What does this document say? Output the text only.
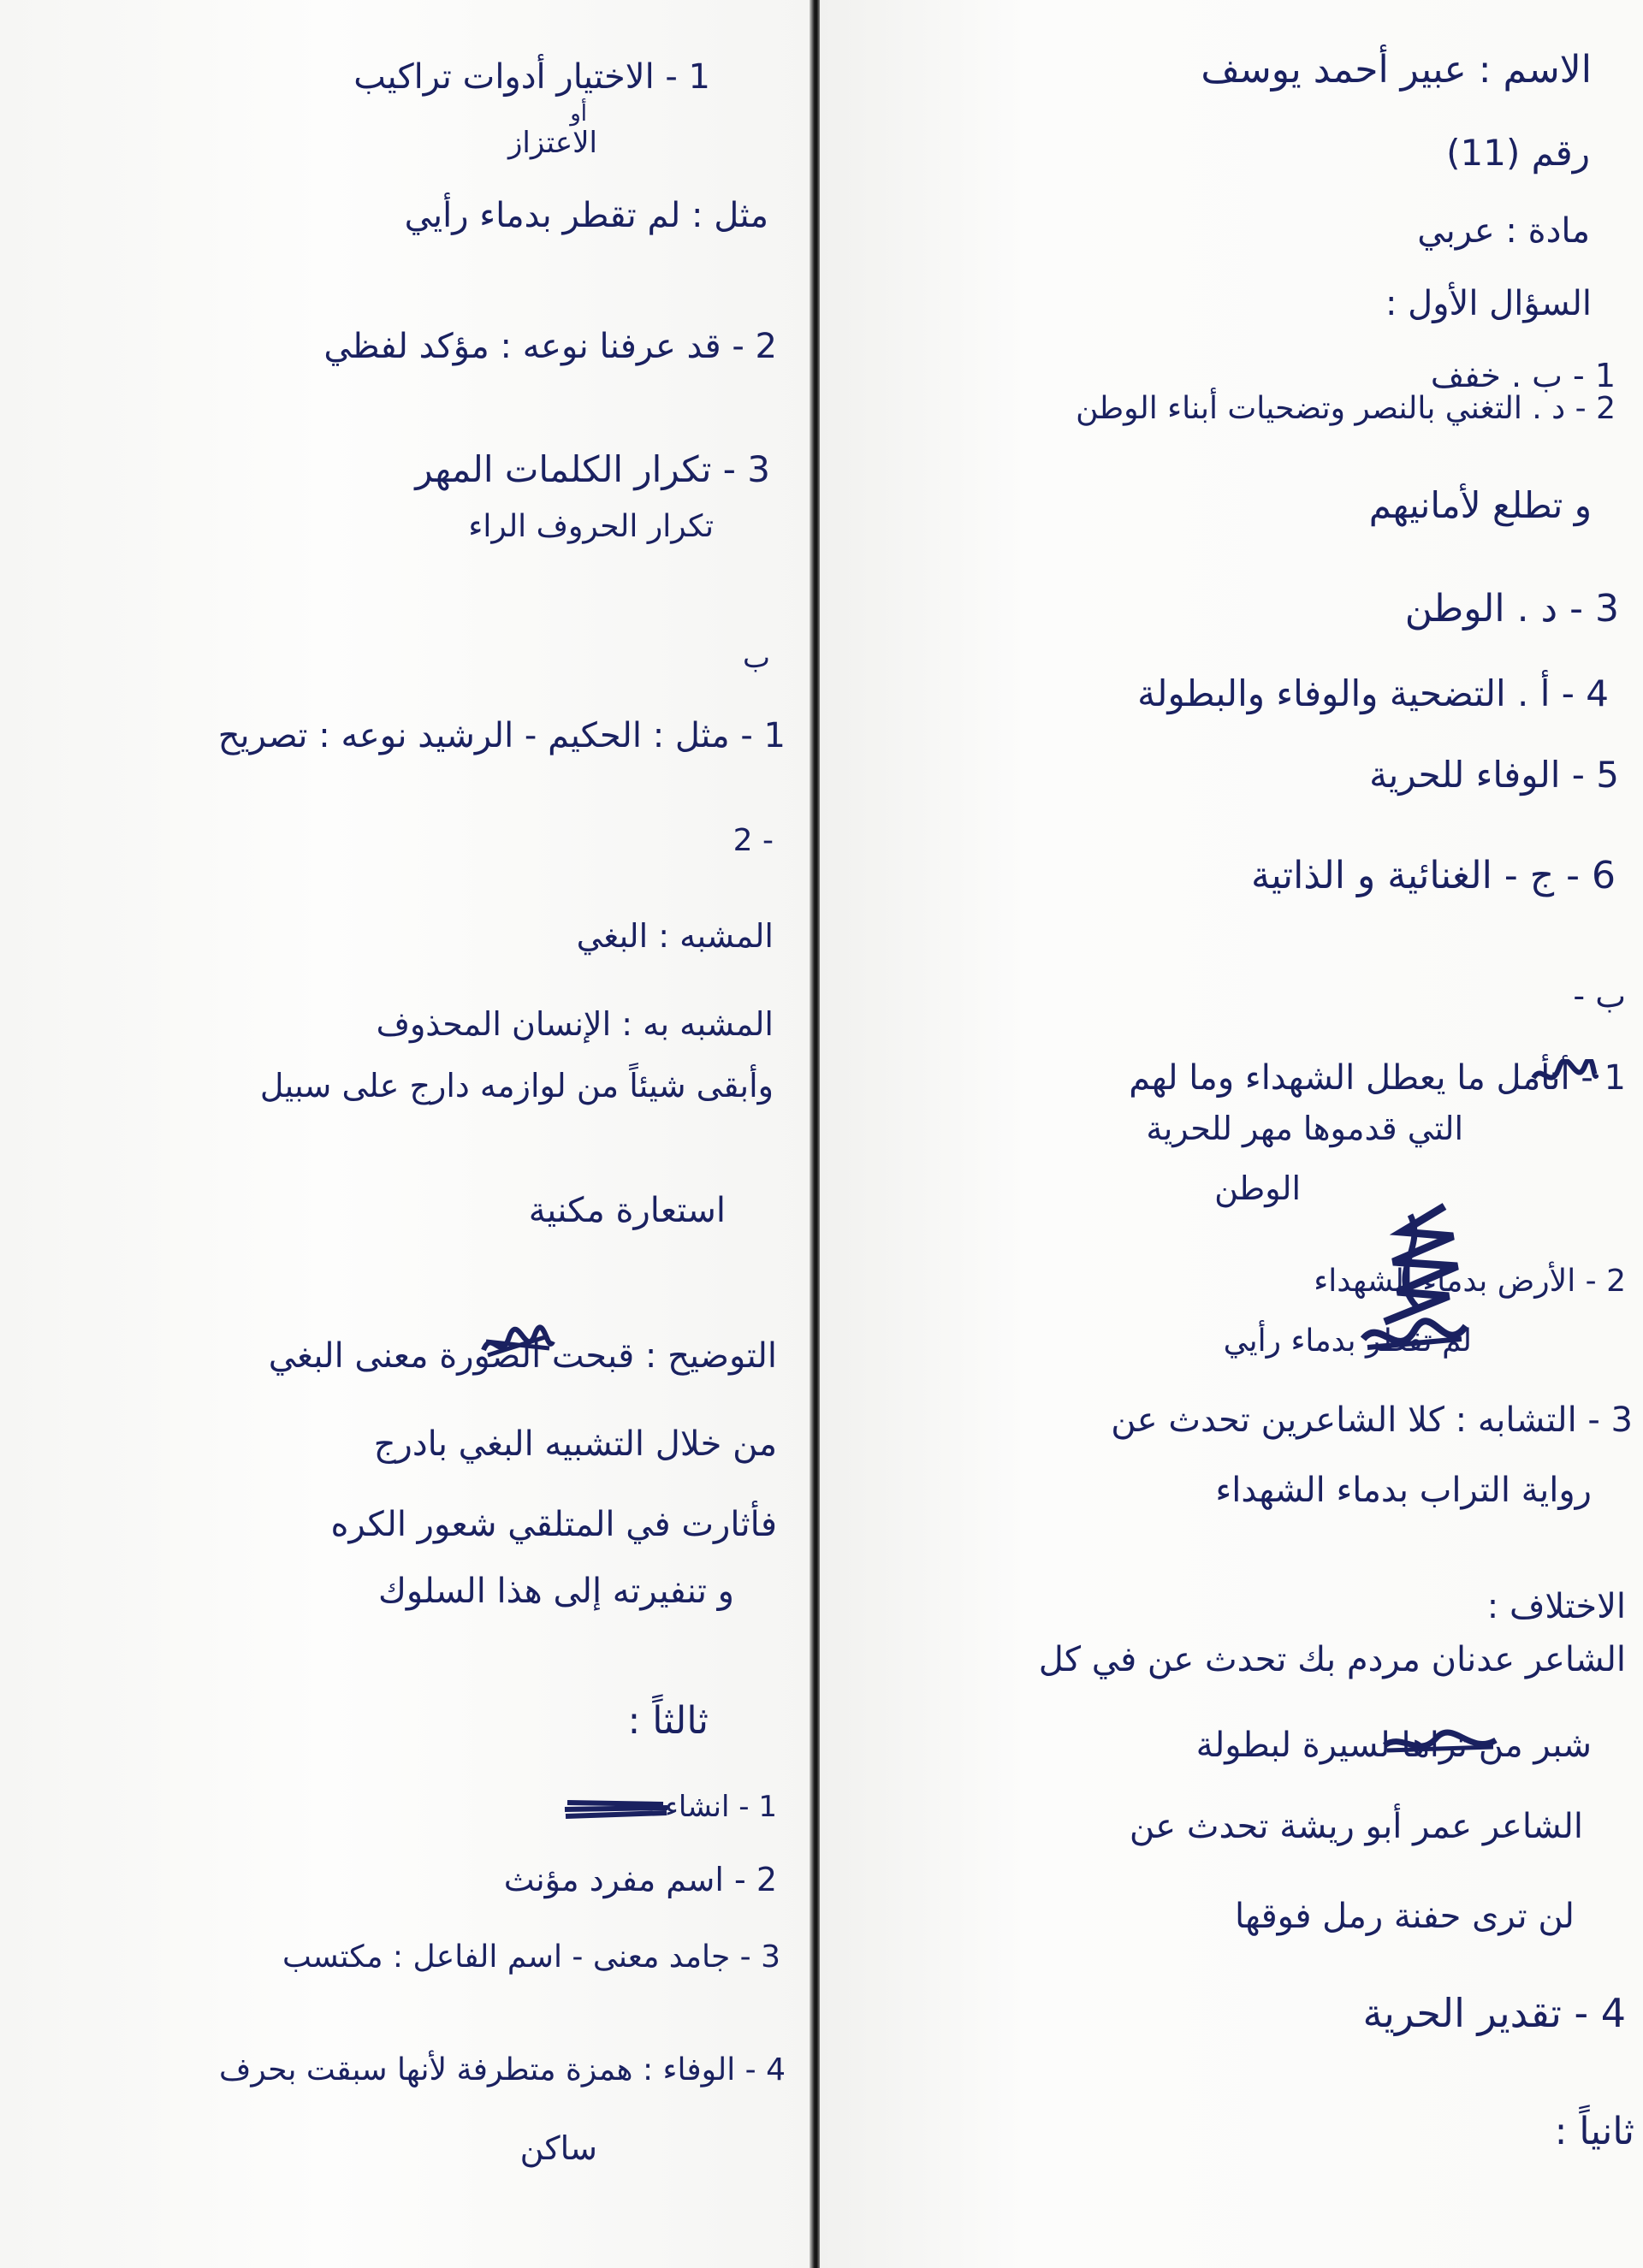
1 - الاختيار أدوات تراكيب
أو
الاعتزاز
مثل : لم تقطر بدماء رأيي
2 - قد عرفنا نوعه : مؤكد لفظي
3 - تكرار الكلمات المهر
تكرار الحروف الراء
ب
1 - مثل : الحكيم - الرشيد نوعه : تصريح
2 -
المشبه : البغي
المشبه به : الإنسان المحذوف
وأبقى شيئاً من لوازمه دارج على سبيل
استعارة مكنية
التوضيح : قبحت الصورة معنى البغي
من خلال التشبيه البغي بادرج
فأثارت في المتلقي شعور الكره
و تنفيرته إلى هذا السلوك
ثالثاً :
1 - انشاء
2 - اسم مفرد مؤنث
3 - جامد معنى - اسم الفاعل : مكتسب
4 - الوفاء : همزة متطرفة لأنها سبقت بحرف
ساكن
الاسم : عبير أحمد يوسف
رقم (11)
مادة : عربي
السؤال الأول :
1 - ب . خفف
2 - د . التغني بالنصر وتضحيات أبناء الوطن
و تطلع لأمانيهم
3 - د . الوطن
4 - أ . التضحية والوفاء والبطولة
5 - الوفاء للحرية
6 - ج - الغنائية و الذاتية
ب -
1 - أتأمل ما يعطل الشهداء وما لهم
التي قدموها مهر للحرية
الوطن
2 - الأرض بدماء الشهداء
لم تقطر بدماء رأيي
3 - التشابه : كلا الشاعرين تحدث عن
رواية التراب بدماء الشهداء
الاختلاف :
الشاعر عدنان مردم بك تحدث عن في كل
شبر من ثراها لسيرة لبطولة
الشاعر عمر أبو ريشة تحدث عن
لن ترى حفنة رمل فوقها
4 - تقدير الحرية
ثانياً :
